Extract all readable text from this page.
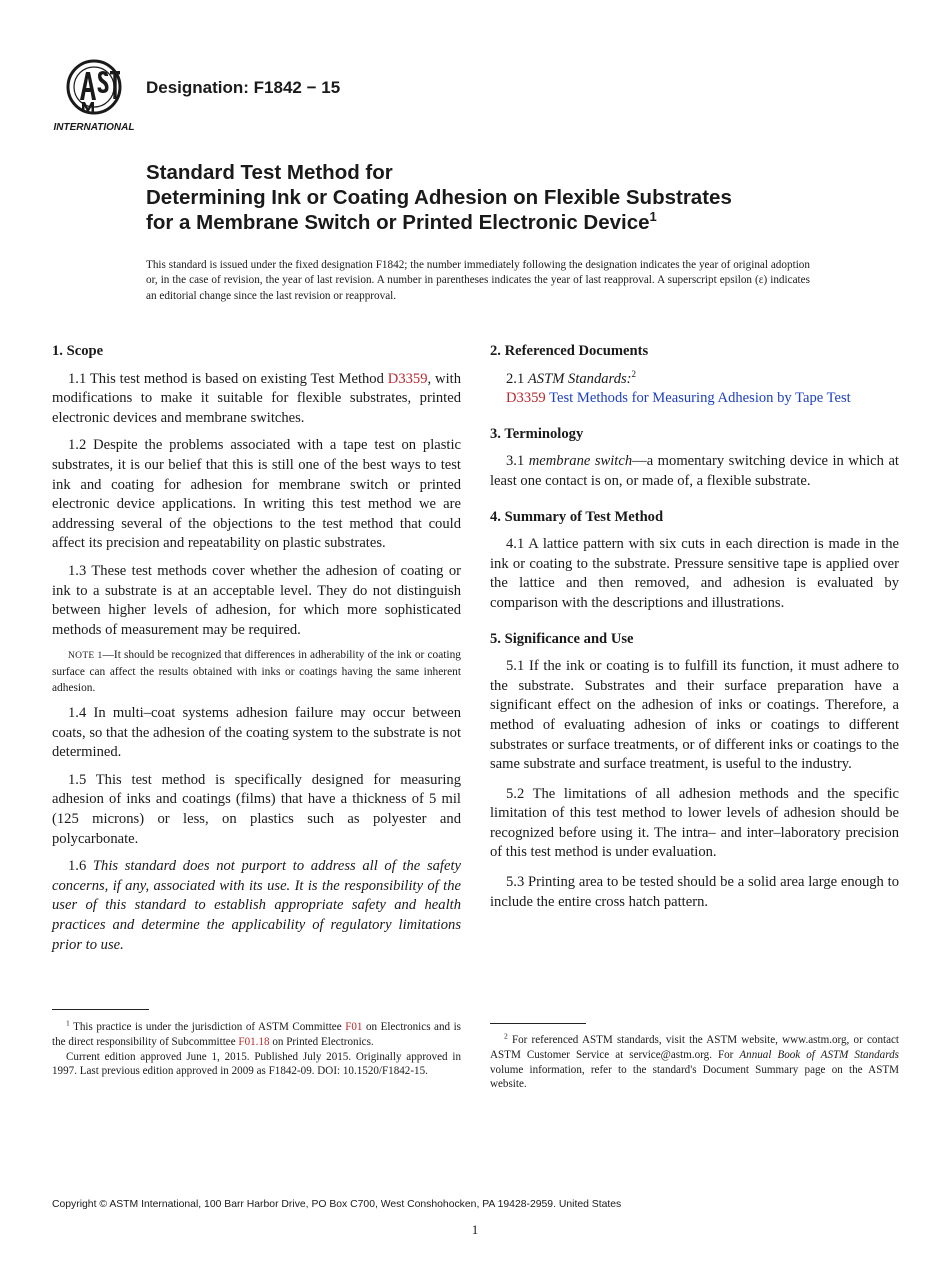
INTERNATIONAL
Designation: F1842 − 15
Standard Test Method for
Determining Ink or Coating Adhesion on Flexible Substrates
for a Membrane Switch or Printed Electronic Device$^1$
This standard is issued under the fixed designation F1842; the number immediately following the designation indicates the year of original adoption or, in the case of revision, the year of last revision. A number in parentheses indicates the year of last reapproval. A superscript epsilon (ε) indicates an editorial change since the last revision or reapproval.
1. Scope

1.1 This test method is based on existing Test Method D3359, with modifications to make it suitable for flexible substrates, printed electronic devices and membrane switches.

1.2 Despite the problems associated with a tape test on plastic substrates, it is our belief that this is still one of the best ways to test ink and coating for adhesion for membrane switch or printed electronic device applications. In writing this test method we are addressing several of the objections to the test method that could affect its precision and repeatability on plastic substrates.

1.3 These test methods cover whether the adhesion of coating or ink to a substrate is at an acceptable level. They do not distinguish between higher levels of adhesion, for which more sophisticated methods of measurement may be required.

NOTE 1—It should be recognized that differences in adherability of the ink or coating surface can affect the results obtained with inks or coatings having the same inherent adhesion.

1.4 In multi–coat systems adhesion failure may occur between coats, so that the adhesion of the coating system to the substrate is not determined.

1.5 This test method is specifically designed for measuring adhesion of inks and coatings (films) that have a thickness of 5 mil (125 microns) or less, on plastics such as polyester and polycarbonate.

1.6 This standard does not purport to address all of the safety concerns, if any, associated with its use. It is the responsibility of the user of this standard to establish appropriate safety and health practices and determine the applicability of regulatory limitations prior to use.

2. Referenced Documents
2.1 ASTM Standards:$^2$
D3359 Test Methods for Measuring Adhesion by Tape Test
3. Terminology

3.1 membrane switch—a momentary switching device in which at least one contact is on, or made of, a flexible substrate.

4. Summary of Test Method

4.1 A lattice pattern with six cuts in each direction is made in the ink or coating to the substrate. Pressure sensitive tape is applied over the lattice and then removed, and adhesion is evaluated by comparison with the descriptions and illustrations.

5. Significance and Use

5.1 If the ink or coating is to fulfill its function, it must adhere to the substrate. Substrates and their surface preparation have a significant effect on the adhesion of inks or coatings. Therefore, a method of evaluating adhesion of inks or coatings to different substrates or surface treatments, or of different inks or coatings to the same substrate and surface treatment, is useful to the industry.

5.2 The limitations of all adhesion methods and the specific limitation of this test method to lower levels of adhesion should be recognized before using it. The intra– and inter–laboratory precision of this test method is under evaluation.

5.3 Printing area to be tested should be a solid area large enough to include the entire cross hatch pattern.

$^1$ This practice is under the jurisdiction of ASTM Committee F01 on Electronics and is the direct responsibility of Subcommittee F01.18 on Printed Electronics.

Current edition approved June 1, 2015. Published July 2015. Originally approved in 1997. Last previous edition approved in 2009 as F1842-09. DOI: 10.1520/F1842-15.

$^2$ For referenced ASTM standards, visit the ASTM website, www.astm.org, or contact ASTM Customer Service at service@astm.org. For Annual Book of ASTM Standards volume information, refer to the standard's Document Summary page on the ASTM website.

Copyright © ASTM International, 100 Barr Harbor Drive, PO Box C700, West Conshohocken, PA 19428-2959. United States
1
